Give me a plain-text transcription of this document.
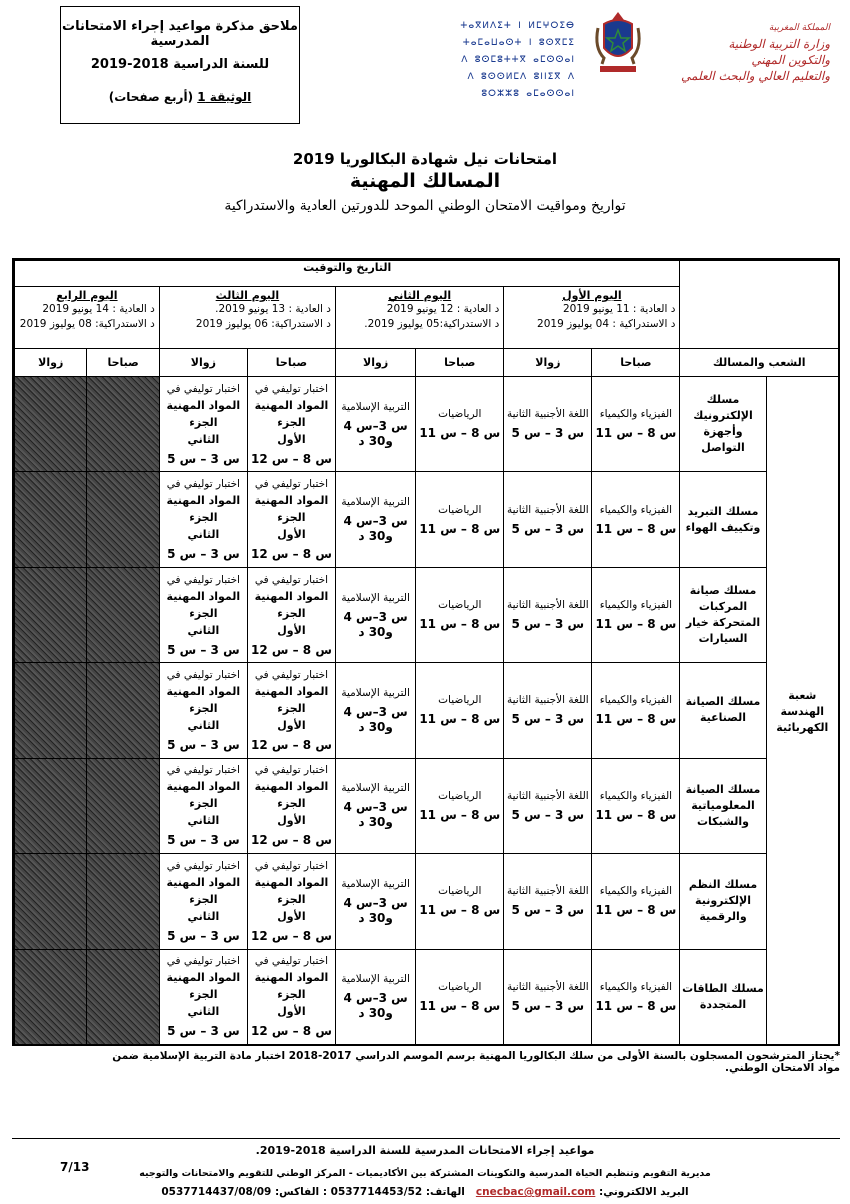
ملاحق مذكرة مواعيد إجراء الامتحانات المدرسية
للسنة الدراسية 2018-2019
الوثيقة 1 (أربع صفحات)
ⵜⴰⴳⵍⴷⵉⵜ ⵏ ⵍⵎⵖⵔⵉⴱ
ⵜⴰⵎⴰⵡⴰⵙⵜ ⵏ ⵓⵙⴳⵎⵉ
ⴷ ⵓⵙⵎⵓⵜⵜⴳ ⴰⵎⵙⵙⴰⵏ
ⴷ ⵓⵙⵙⵍⵎⴷ ⵓⵏⵏⵉⴳ ⴷ ⵓⵔⵣⵣⵓ ⴰⵎⴰⵙⵙⴰⵏ
المملكة المغربية
وزارة التربية الوطنية
والتكوين المهني
والتعليم العالي والبحث العلمي
امتحانات نيل شهادة البكالوريا 2019
المسالك المهنية
تواريخ ومواقيت الامتحان الوطني الموحد للدورتين العادية والاستدراكية
التاريخ والتوقيت
اليوم الأول
د العادية : 11 يونيو 2019
د الاستدراكية : 04 يوليوز 2019
صباحا
زوالا
اليوم الثاني
د العادية : 12 يونيو 2019
د الاستدراكية:05 يوليوز 2019.
صباحا
زوالا
اليوم الثالث
د العادية : 13 يونيو 2019.
د الاستدراكية: 06 يوليوز 2019
صباحا
زوالا
اليوم الرابع
د العادية : 14 يونيو 2019
د الاستدراكية: 08 يوليوز 2019
صباحا
زوالا	الشعب والمسالك
شعبة الهندسة الكهربائية
مسلك الإلكترونيك وأجهزة التواصل
الفيزياء والكيمياء
س 8 – س 11
اللغة الأجنبية الثانية
س 3 – س 5
الرياضيات
س 8 – س 11
التربية الإسلامية
س 3–س 4 و30 د
اختبار توليفي في
المواد المهنية الجزء
الأول
س 8 – س 12
اختبار توليفي في
المواد المهنية الجزء
الثاني
س 3 – س 5
مسلك التبريد وتكييف الهواء
الفيزياء والكيمياء
س 8 – س 11
اللغة الأجنبية الثانية
س 3 – س 5
الرياضيات
س 8 – س 11
التربية الإسلامية
س 3–س 4 و30 د
اختبار توليفي في
المواد المهنية الجزء
الأول
س 8 – س 12
اختبار توليفي في
المواد المهنية الجزء
الثاني
س 3 – س 5
مسلك صيانة المركبات المتحركة خيار السيارات
الفيزياء والكيمياء
س 8 – س 11
اللغة الأجنبية الثانية
س 3 – س 5
الرياضيات
س 8 – س 11
التربية الإسلامية
س 3–س 4 و30 د
اختبار توليفي في
المواد المهنية الجزء
الأول
س 8 – س 12
اختبار توليفي في
المواد المهنية الجزء
الثاني
س 3 – س 5
مسلك الصيانة الصناعية
الفيزياء والكيمياء
س 8 – س 11
اللغة الأجنبية الثانية
س 3 – س 5
الرياضيات
س 8 – س 11
التربية الإسلامية
س 3–س 4 و30 د
اختبار توليفي في
المواد المهنية الجزء
الأول
س 8 – س 12
اختبار توليفي في
المواد المهنية الجزء
الثاني
س 3 – س 5
مسلك الصيانة المعلومياتية والشبكات
الفيزياء والكيمياء
س 8 – س 11
اللغة الأجنبية الثانية
س 3 – س 5
الرياضيات
س 8 – س 11
التربية الإسلامية
س 3–س 4 و30 د
اختبار توليفي في
المواد المهنية الجزء
الأول
س 8 – س 12
اختبار توليفي في
المواد المهنية الجزء
الثاني
س 3 – س 5
مسلك النظم الإلكترونية والرقمية
الفيزياء والكيمياء
س 8 – س 11
اللغة الأجنبية الثانية
س 3 – س 5
الرياضيات
س 8 – س 11
التربية الإسلامية
س 3–س 4 و30 د
اختبار توليفي في
المواد المهنية الجزء
الأول
س 8 – س 12
اختبار توليفي في
المواد المهنية الجزء
الثاني
س 3 – س 5
مسلك الطاقات المتجددة
الفيزياء والكيمياء
س 8 – س 11
اللغة الأجنبية الثانية
س 3 – س 5
الرياضيات
س 8 – س 11
التربية الإسلامية
س 3–س 4 و30 د
اختبار توليفي في
المواد المهنية الجزء
الأول
س 8 – س 12
اختبار توليفي في
المواد المهنية الجزء
الثاني
س 3 – س 5
*يجتاز المترشحون المسجلون بالسنة الأولى من سلك البكالوريا المهنية برسم الموسم الدراسي 2017-2018 اختبار مادة التربية الإسلامية ضمن مواد الامتحان الوطني.
مواعيد إجراء الامتحانات المدرسية للسنة الدراسية 2018-2019.
7/13	مديرية التقويم وتنظيم الحياة المدرسية والتكوينات المشتركة بين الأكاديميات - المركز الوطني للتقويم والامتحانات والتوجيه
البريد الالكتروني: cnecbac@gmail.com   الهاتف: 0537714453/52 : الفاكس: 0537714437/08/09
